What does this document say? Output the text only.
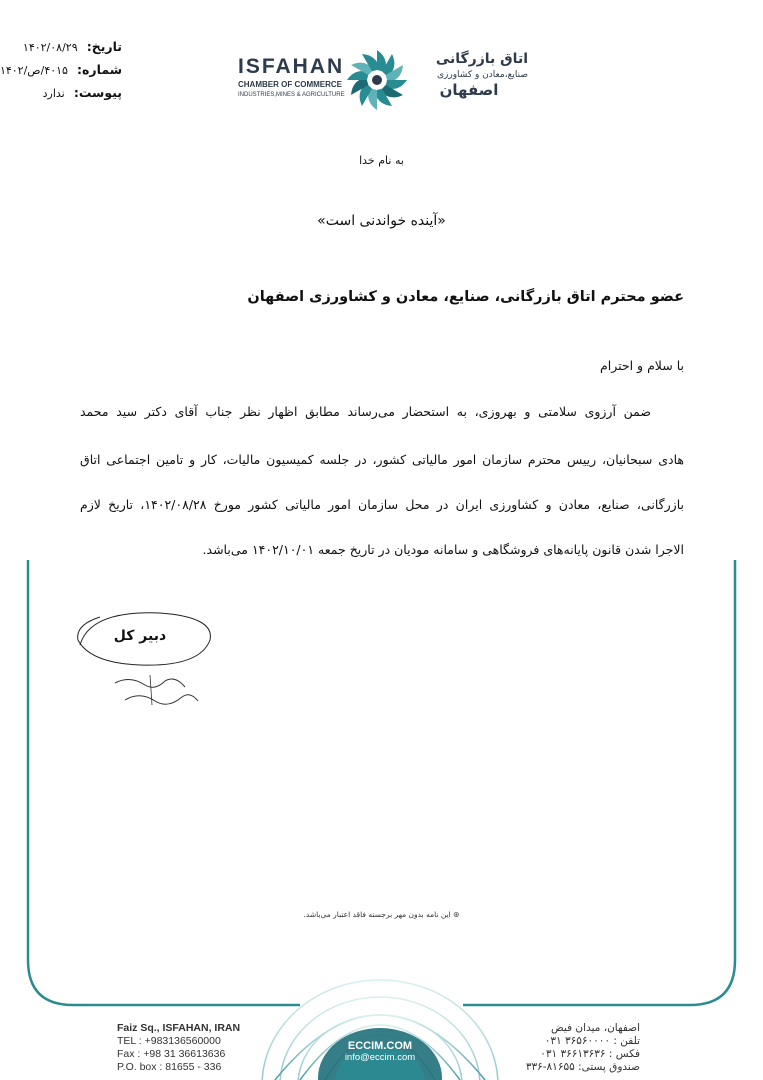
تاریخ: ۱۴۰۲/۰۸/۲۹
شماره: ۴۰۱۵/ص/۱۴۰۲
پیوست: ندارد
ISFAHAN
CHAMBER OF COMMERCE
INDUSTRIES,MINES & AGRICULTURE
اتاق بازرگانی
صنایع،معادن و کشاورزی
اصفهان
به نام خدا
«آینده خواندنی است»
عضو محترم اتاق بازرگانی، صنایع، معادن و کشاورزی اصفهان
با سلام و احترام
ضمن آرزوی سلامتی و بهروزی، به استحضار می‌رساند مطابق اظهار نظر جناب آقای دکتر سید محمد
هادی سبحانیان، رییس محترم سازمان امور مالیاتی کشور، در جلسه کمیسیون مالیات، کار و تامین اجتماعی اتاق
بازرگانی، صنایع، معادن و کشاورزی ایران در محل سازمان امور مالیاتی کشور مورخ ۱۴۰۲/۰۸/۲۸، تاریخ لازم
الاجرا شدن قانون پایانه‌های فروشگاهی و سامانه مودیان در تاریخ جمعه ۱۴۰۲/۱۰/۰۱ می‌باشد.
دبیر کل
⊛ این نامه بدون مهر برجسته فاقد اعتبار می‌باشد.
Faiz Sq., ISFAHAN, IRAN
TEL : +983136560000
Fax : +98 31 36613636
P.O. box : 81655 - 336
ECCIM.COM
info@eccim.com
اصفهان، میدان فیض
تلفن : ۳۶۵۶۰۰۰۰ ۰۳۱
فکس : ۳۶۶۱۳۶۳۶ ۰۳۱
صندوق پستی: ۸۱۶۵۵-۳۳۶
